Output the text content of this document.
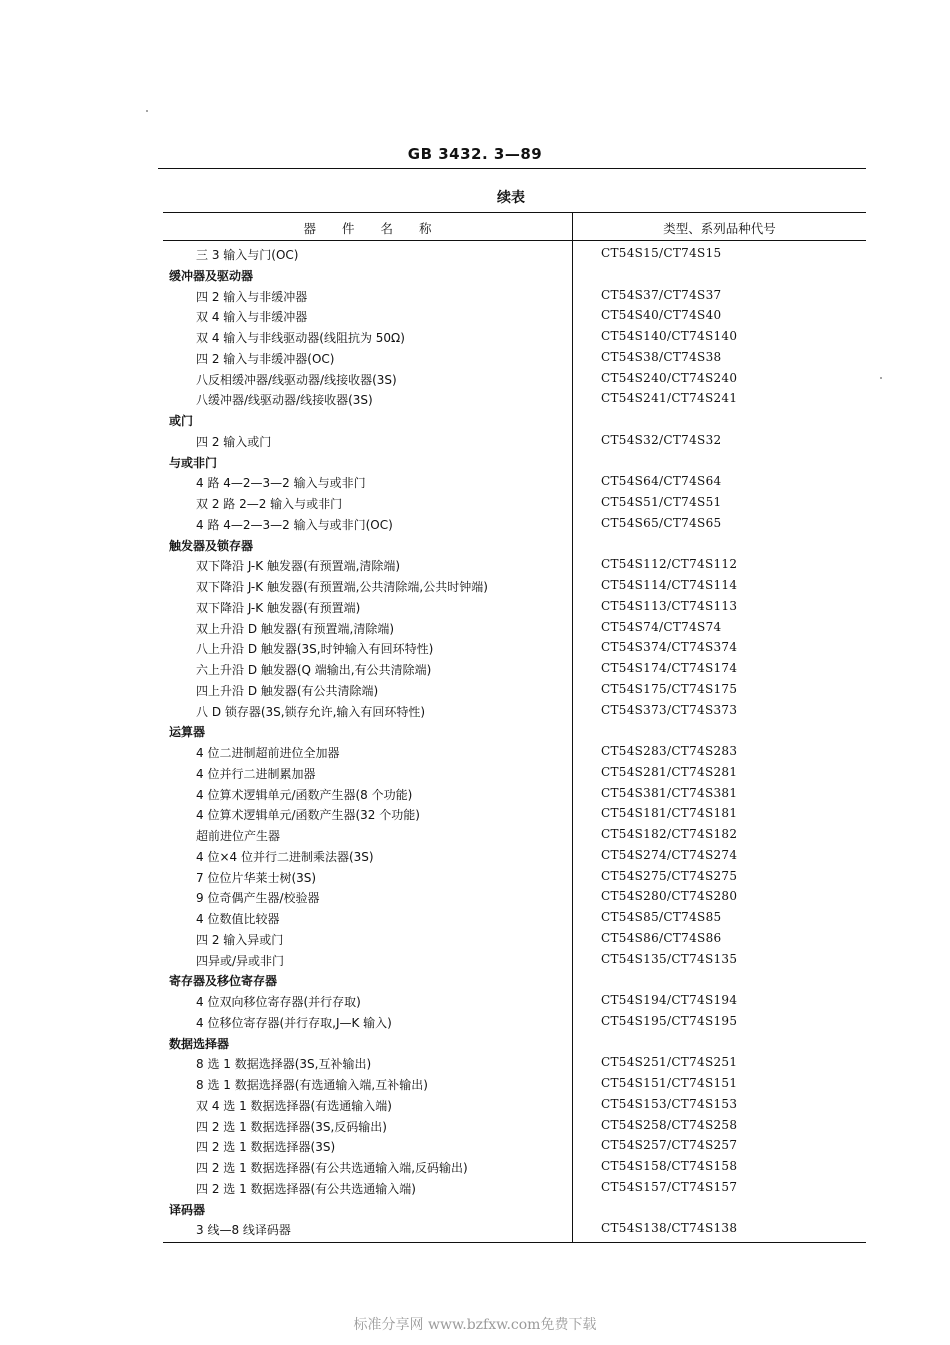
GB 3432. 3—89
续表
器件名称	类型、系列品种代号
三 3 输入与门(OC)	CT54S15/CT74S15
缓冲器及驱动器
四 2 输入与非缓冲器	CT54S37/CT74S37
双 4 输入与非缓冲器	CT54S40/CT74S40
双 4 输入与非线驱动器(线阻抗为 50Ω)	CT54S140/CT74S140
四 2 输入与非缓冲器(OC)	CT54S38/CT74S38
八反相缓冲器/线驱动器/线接收器(3S)	CT54S240/CT74S240
八缓冲器/线驱动器/线接收器(3S)	CT54S241/CT74S241
或门
四 2 输入或门	CT54S32/CT74S32
与或非门
4 路 4—2—3—2 输入与或非门	CT54S64/CT74S64
双 2 路 2—2 输入与或非门	CT54S51/CT74S51
4 路 4—2—3—2 输入与或非门(OC)	CT54S65/CT74S65
触发器及锁存器
双下降沿 J-K 触发器(有预置端,清除端)	CT54S112/CT74S112
双下降沿 J-K 触发器(有预置端,公共清除端,公共时钟端)	CT54S114/CT74S114
双下降沿 J-K 触发器(有预置端)	CT54S113/CT74S113
双上升沿 D 触发器(有预置端,清除端)	CT54S74/CT74S74
八上升沿 D 触发器(3S,时钟输入有回环特性)	CT54S374/CT74S374
六上升沿 D 触发器(Q 端输出,有公共清除端)	CT54S174/CT74S174
四上升沿 D 触发器(有公共清除端)	CT54S175/CT74S175
八 D 锁存器(3S,锁存允许,输入有回环特性)	CT54S373/CT74S373
运算器
4 位二进制超前进位全加器	CT54S283/CT74S283
4 位并行二进制累加器	CT54S281/CT74S281
4 位算术逻辑单元/函数产生器(8 个功能)	CT54S381/CT74S381
4 位算术逻辑单元/函数产生器(32 个功能)	CT54S181/CT74S181
超前进位产生器	CT54S182/CT74S182
4 位×4 位并行二进制乘法器(3S)	CT54S274/CT74S274
7 位位片华莱士树(3S)	CT54S275/CT74S275
9 位奇偶产生器/校验器	CT54S280/CT74S280
4 位数值比较器	CT54S85/CT74S85
四 2 输入异或门	CT54S86/CT74S86
四异或/异或非门	CT54S135/CT74S135
寄存器及移位寄存器
4 位双向移位寄存器(并行存取)	CT54S194/CT74S194
4 位移位寄存器(并行存取,J—K 输入)	CT54S195/CT74S195
数据选择器
8 选 1 数据选择器(3S,互补输出)	CT54S251/CT74S251
8 选 1 数据选择器(有选通输入端,互补输出)	CT54S151/CT74S151
双 4 选 1 数据选择器(有选通输入端)	CT54S153/CT74S153
四 2 选 1 数据选择器(3S,反码输出)	CT54S258/CT74S258
四 2 选 1 数据选择器(3S)	CT54S257/CT74S257
四 2 选 1 数据选择器(有公共选通输入端,反码输出)	CT54S158/CT74S158
四 2 选 1 数据选择器(有公共选通输入端)	CT54S157/CT74S157
译码器
3 线—8 线译码器	CT54S138/CT74S138
标准分享网 www.bzfxw.com免费下载
